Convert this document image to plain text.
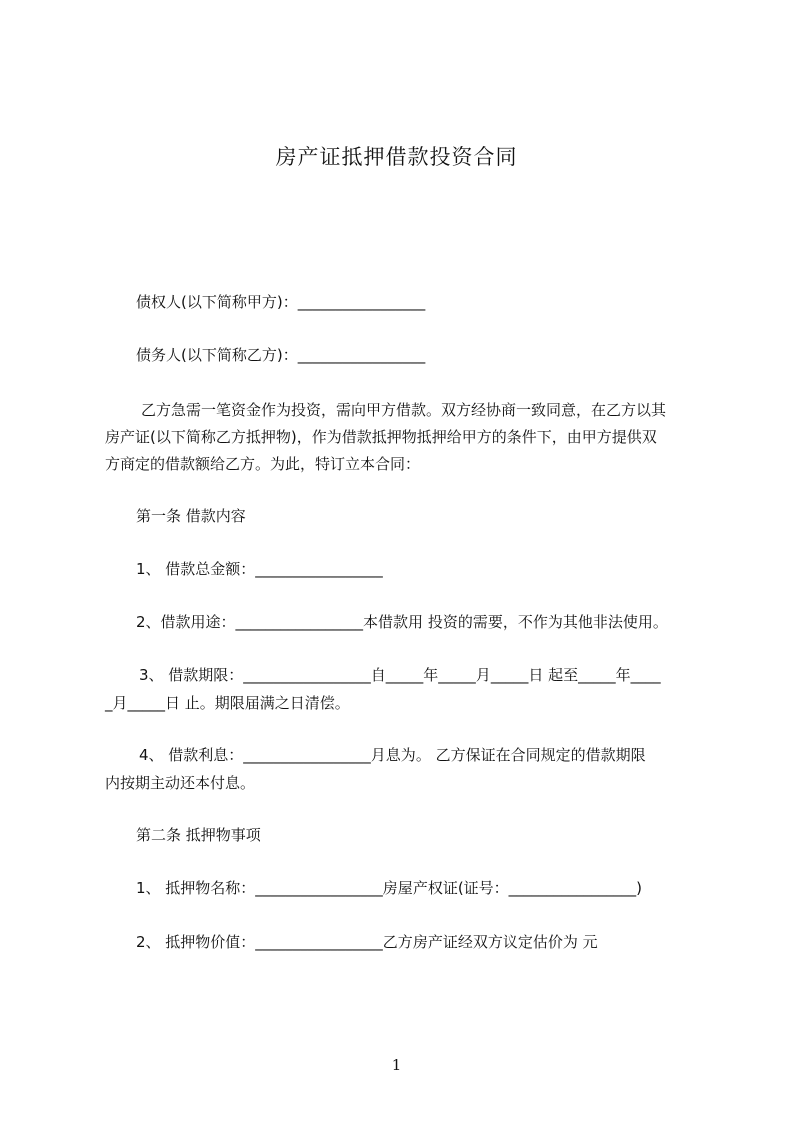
房产证抵押借款投资合同
债权人(以下简称甲方)：_________________
债务人(以下简称乙方)：_________________
乙方急需一笔资金作为投资，需向甲方借款。双方经协商一致同意，在乙方以其
房产证(以下简称乙方抵押物)，作为借款抵押物抵押给甲方的条件下，由甲方提供双
方商定的借款额给乙方。为此，特订立本合同：
第一条 借款内容
1、 借款总金额：_________________
2、借款用途：_________________本借款用 投资的需要，不作为其他非法使用。
3、 借款期限：_________________自_____年_____月_____日 起至_____年____
_月_____日 止。期限届满之日清偿。
4、 借款利息：_________________月息为。 乙方保证在合同规定的借款期限
内按期主动还本付息。
第二条 抵押物事项
1、 抵押物名称：_________________房屋产权证(证号：_________________)
2、 抵押物价值：_________________乙方房产证经双方议定估价为 元
1
